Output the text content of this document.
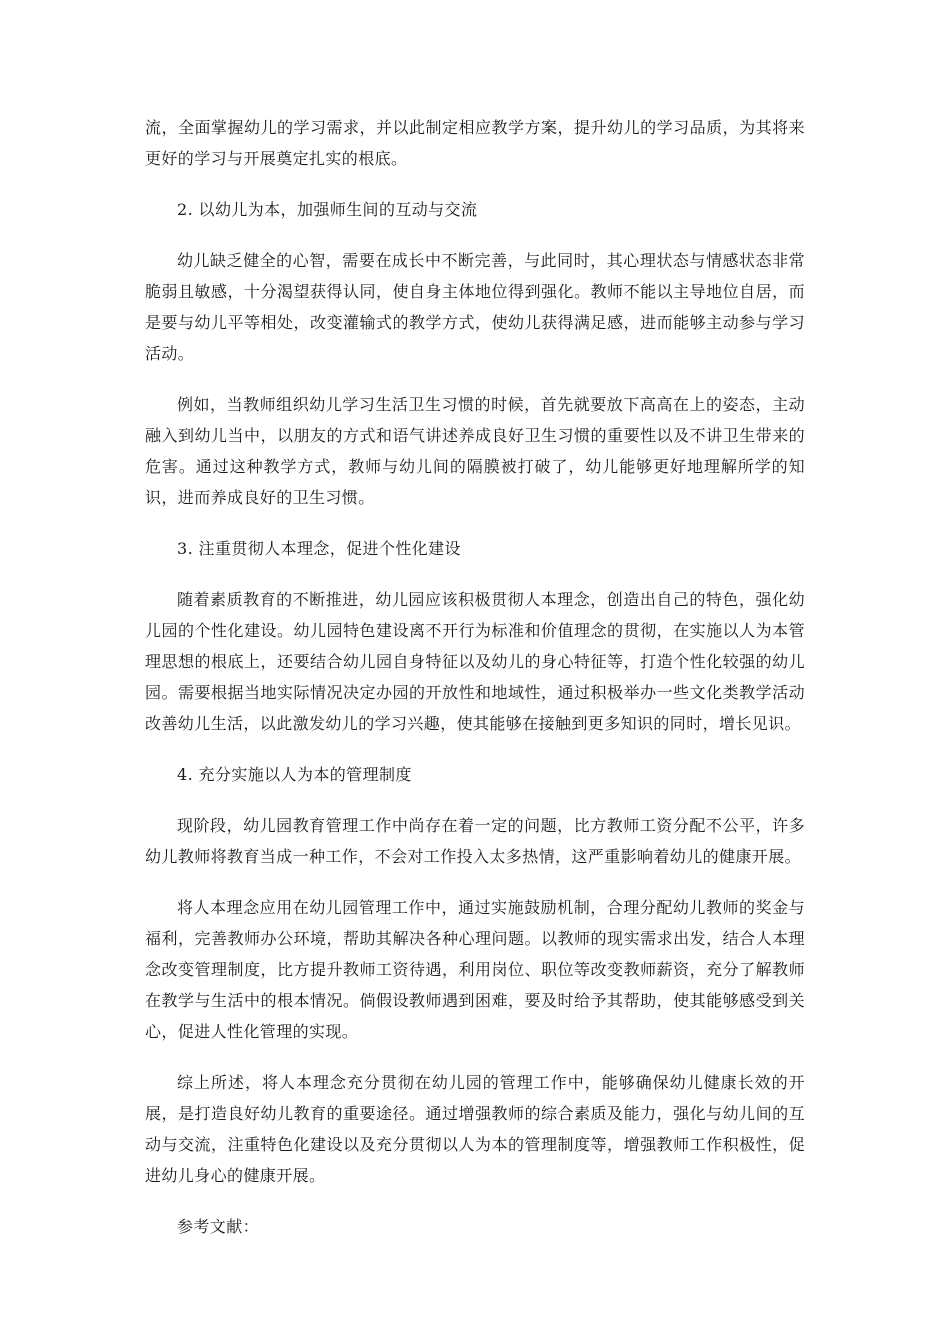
流，全面掌握幼儿的学习需求，并以此制定相应教学方案，提升幼儿的学习品质，为其将来更好的学习与开展奠定扎实的根底。

2. 以幼儿为本，加强师生间的互动与交流

幼儿缺乏健全的心智，需要在成长中不断完善，与此同时，其心理状态与情感状态非常脆弱且敏感，十分渴望获得认同，使自身主体地位得到强化。教师不能以主导地位自居，而是要与幼儿平等相处，改变灌输式的教学方式，使幼儿获得满足感，进而能够主动参与学习活动。

例如，当教师组织幼儿学习生活卫生习惯的时候，首先就要放下高高在上的姿态，主动融入到幼儿当中，以朋友的方式和语气讲述养成良好卫生习惯的重要性以及不讲卫生带来的危害。通过这种教学方式，教师与幼儿间的隔膜被打破了，幼儿能够更好地理解所学的知识，进而养成良好的卫生习惯。

3. 注重贯彻人本理念，促进个性化建设

随着素质教育的不断推进，幼儿园应该积极贯彻人本理念，创造出自己的特色，强化幼儿园的个性化建设。幼儿园特色建设离不开行为标准和价值理念的贯彻，在实施以人为本管理思想的根底上，还要结合幼儿园自身特征以及幼儿的身心特征等，打造个性化较强的幼儿园。需要根据当地实际情况决定办园的开放性和地域性，通过积极举办一些文化类教学活动改善幼儿生活，以此激发幼儿的学习兴趣，使其能够在接触到更多知识的同时，增长见识。

4. 充分实施以人为本的管理制度

现阶段，幼儿园教育管理工作中尚存在着一定的问题，比方教师工资分配不公平，许多幼儿教师将教育当成一种工作，不会对工作投入太多热情，这严重影响着幼儿的健康开展。

将人本理念应用在幼儿园管理工作中，通过实施鼓励机制，合理分配幼儿教师的奖金与福利，完善教师办公环境，帮助其解决各种心理问题。以教师的现实需求出发，结合人本理念改变管理制度，比方提升教师工资待遇，利用岗位、职位等改变教师薪资，充分了解教师在教学与生活中的根本情况。倘假设教师遇到困难，要及时给予其帮助，使其能够感受到关心，促进人性化管理的实现。

综上所述，将人本理念充分贯彻在幼儿园的管理工作中，能够确保幼儿健康长效的开展，是打造良好幼儿教育的重要途径。通过增强教师的综合素质及能力，强化与幼儿间的互动与交流，注重特色化建设以及充分贯彻以人为本的管理制度等，增强教师工作积极性，促进幼儿身心的健康开展。

参考文献：
